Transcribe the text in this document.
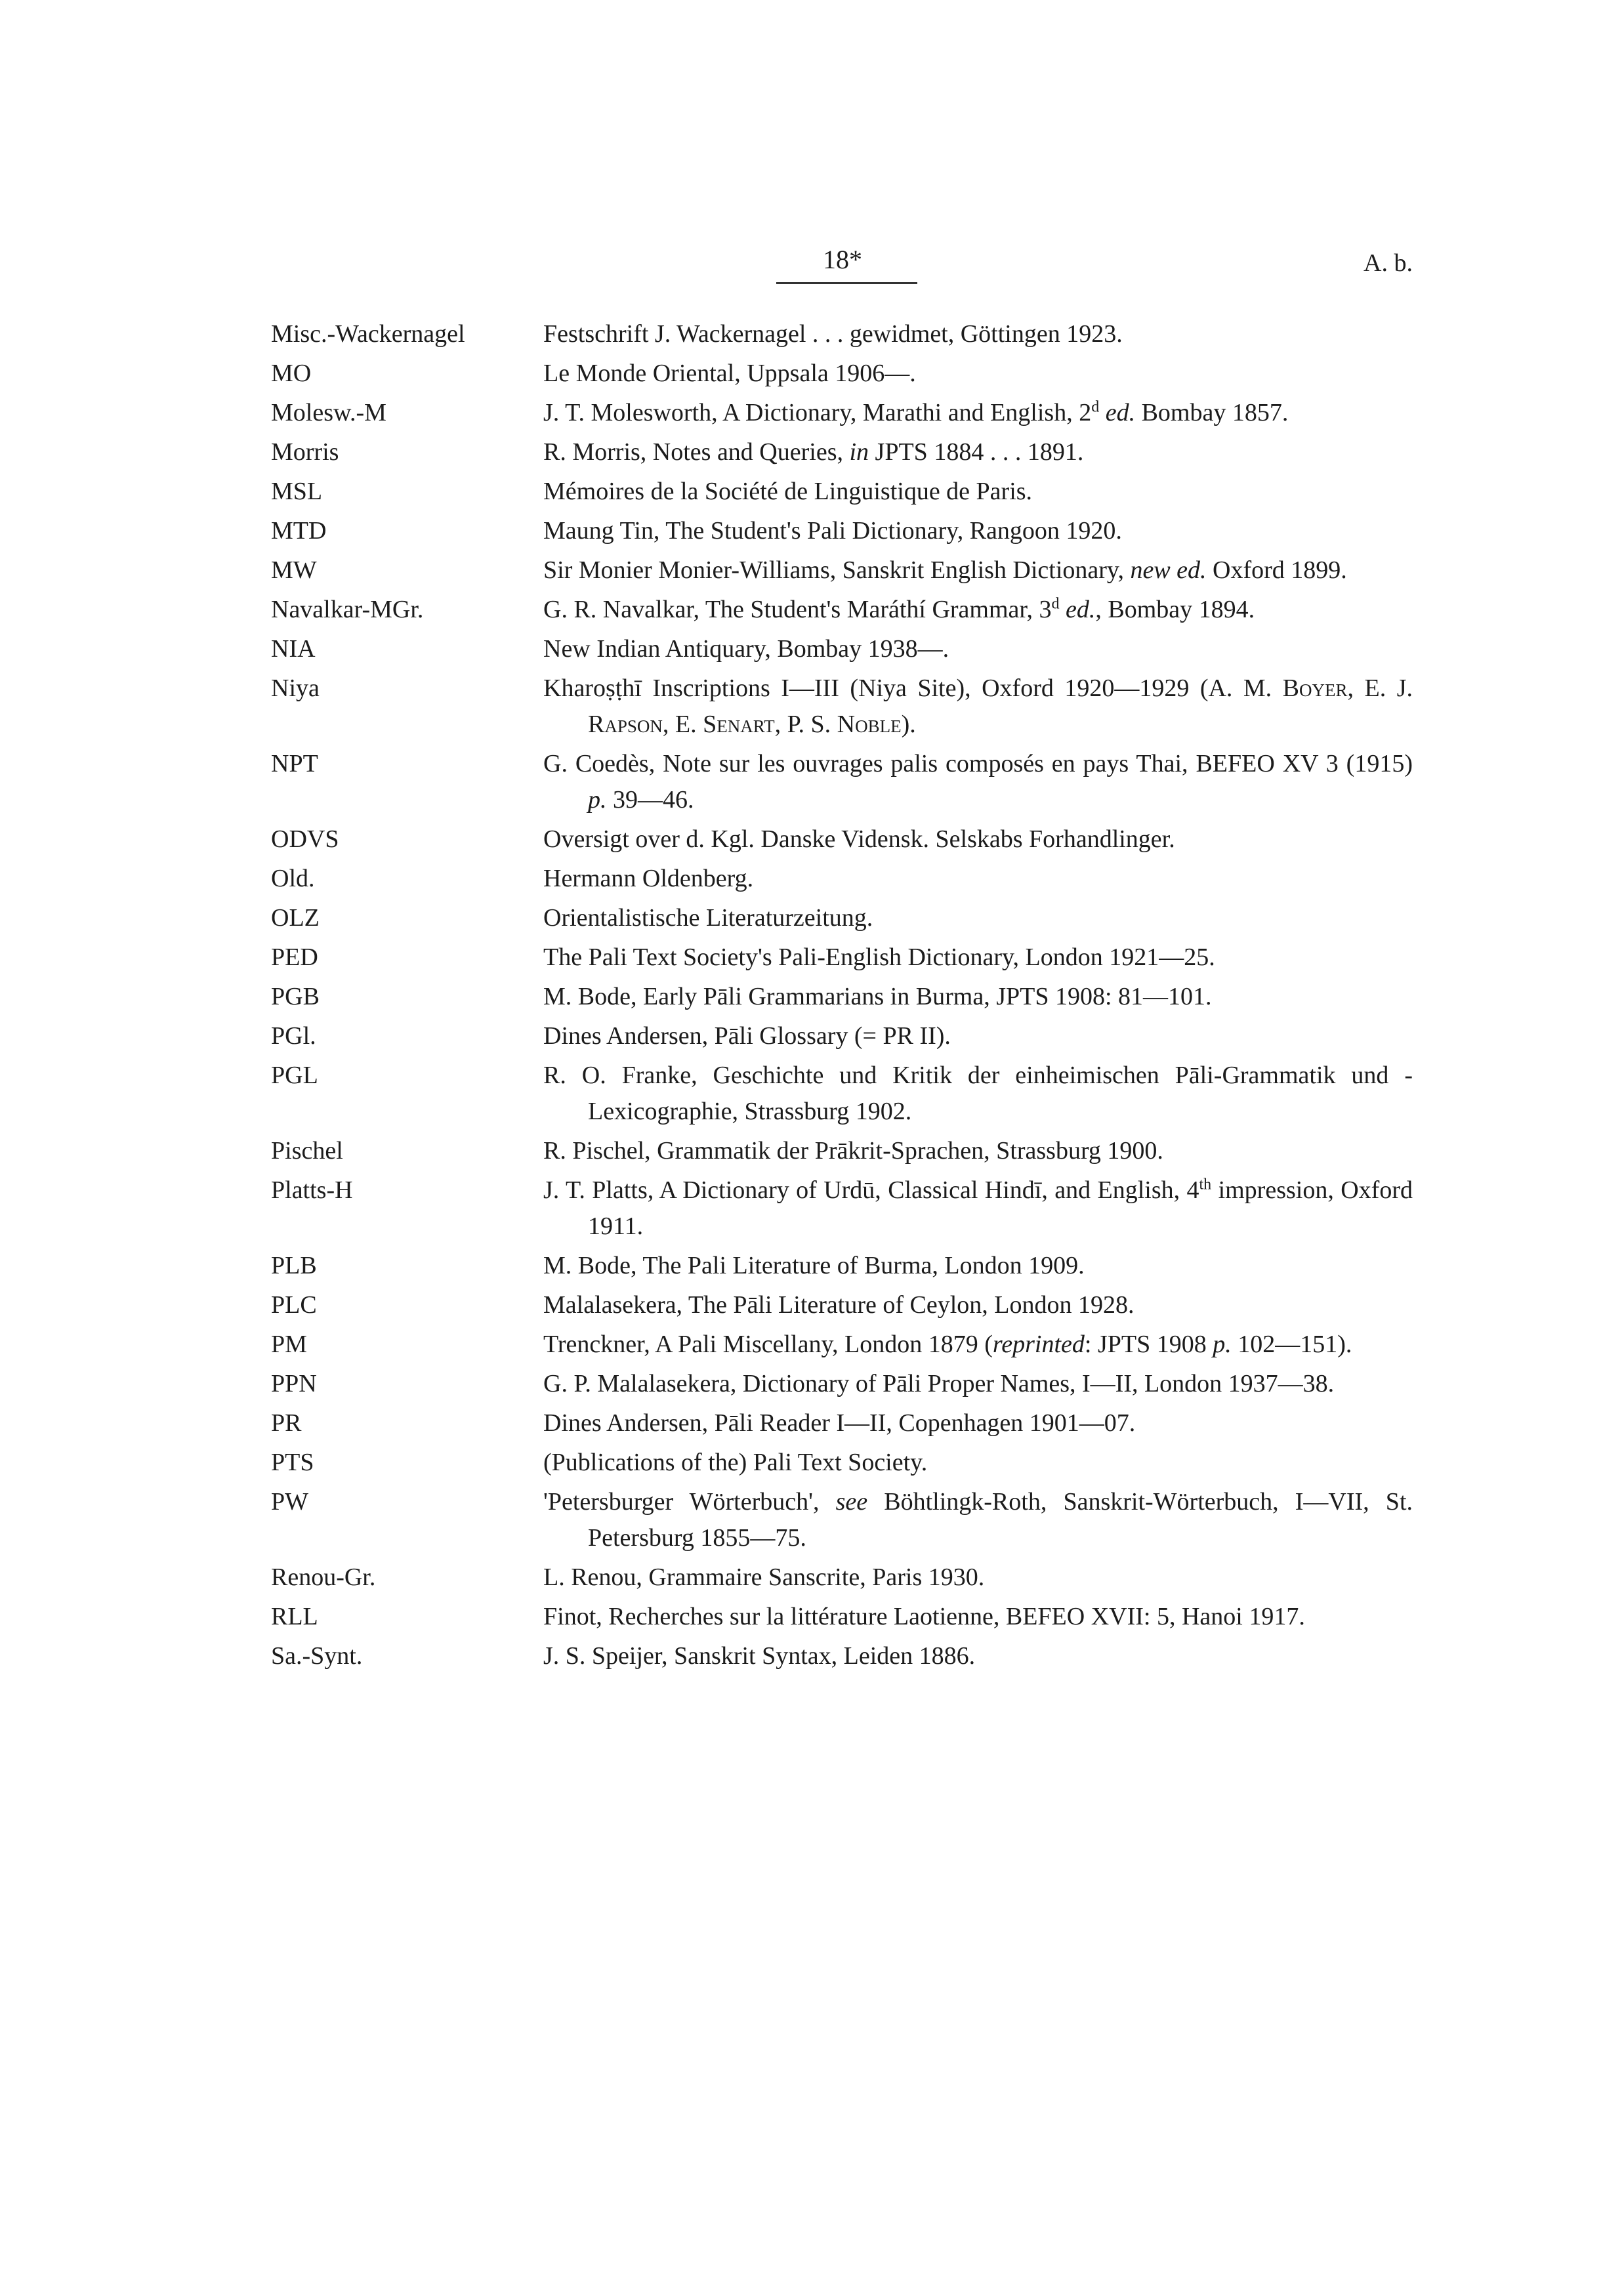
18*	A. b.
Misc.-Wackernagel	Festschrift J. Wackernagel . . . gewidmet, Göttingen 1923.
MO	Le Monde Oriental, Uppsala 1906—.
Molesw.-M	J. T. Molesworth, A Dictionary, Marathi and English, 2$^d$ ed. Bombay 1857.
Morris	R. Morris, Notes and Queries, in JPTS 1884 . . . 1891.
MSL	Mémoires de la Société de Linguistique de Paris.
MTD	Maung Tin, The Student's Pali Dictionary, Rangoon 1920.
MW	Sir Monier Monier-Williams, Sanskrit English Dictionary, new ed. Oxford 1899.
Navalkar-MGr.	G. R. Navalkar, The Student's Maráthí Grammar, 3$^d$ ed., Bombay 1894.
NIA	New Indian Antiquary, Bombay 1938—.
Niya	Kharoṣṭhī Inscriptions I—III (Niya Site), Oxford 1920—1929 (A. M. Boyer, E. J. Rapson, E. Senart, P. S. Noble).
NPT	G. Coedès, Note sur les ouvrages palis composés en pays Thai, BEFEO XV 3 (1915) p. 39—46.
ODVS	Oversigt over d. Kgl. Danske Vidensk. Selskabs Forhandlinger.
Old.	Hermann Oldenberg.
OLZ	Orientalistische Literaturzeitung.
PED	The Pali Text Society's Pali-English Dictionary, London 1921—25.
PGB	M. Bode, Early Pāli Grammarians in Burma, JPTS 1908: 81—101.
PGl.	Dines Andersen, Pāli Glossary (= PR II).
PGL	R. O. Franke, Geschichte und Kritik der einheimischen Pāli-Grammatik und -Lexicographie, Strassburg 1902.
Pischel	R. Pischel, Grammatik der Prākrit-Sprachen, Strassburg 1900.
Platts-H	J. T. Platts, A Dictionary of Urdū, Classical Hindī, and English, 4th impression, Oxford 1911.
PLB	M. Bode, The Pali Literature of Burma, London 1909.
PLC	Malalasekera, The Pāli Literature of Ceylon, London 1928.
PM	Trenckner, A Pali Miscellany, London 1879 (reprinted: JPTS 1908 p. 102—151).
PPN	G. P. Malalasekera, Dictionary of Pāli Proper Names, I—II, London 1937—38.
PR	Dines Andersen, Pāli Reader I—II, Copenhagen 1901—07.
PTS	(Publications of the) Pali Text Society.
PW	'Petersburger Wörterbuch', see Böhtlingk-Roth, Sanskrit-Wörterbuch, I—VII, St. Petersburg 1855—75.
Renou-Gr.	L. Renou, Grammaire Sanscrite, Paris 1930.
RLL	Finot, Recherches sur la littérature Laotienne, BEFEO XVII: 5, Hanoi 1917.
Sa.-Synt.	J. S. Speijer, Sanskrit Syntax, Leiden 1886.
